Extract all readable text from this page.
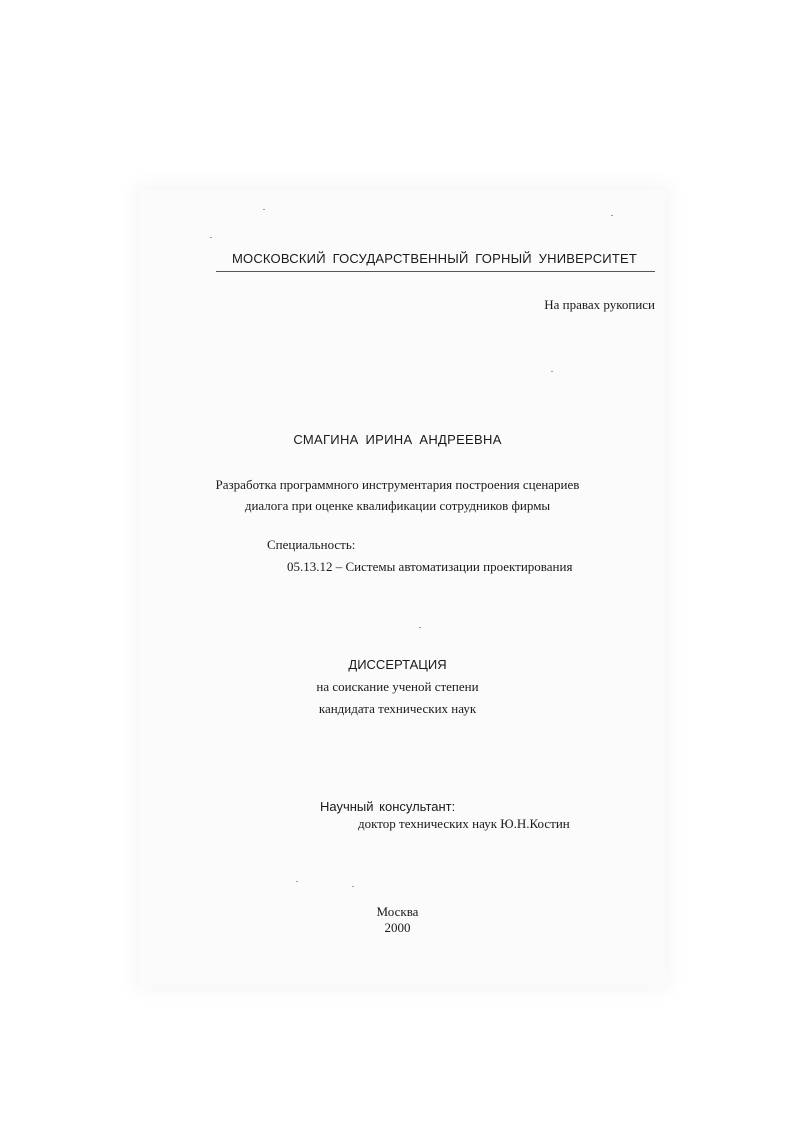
МОСКОВСКИЙ ГОСУДАРСТВЕННЫЙ ГОРНЫЙ УНИВЕРСИТЕТ
На правах рукописи
СМАГИНА ИРИНА АНДРЕЕВНА
Разработка программного инструментария построения сценариев
диалога при оценке квалификации сотрудников фирмы
Специальность:
05.13.12 – Системы автоматизации проектирования
ДИССЕРТАЦИЯ
на соискание ученой степени
кандидата технических наук
Научный консультант:
доктор технических наук Ю.Н.Костин
Москва
2000
